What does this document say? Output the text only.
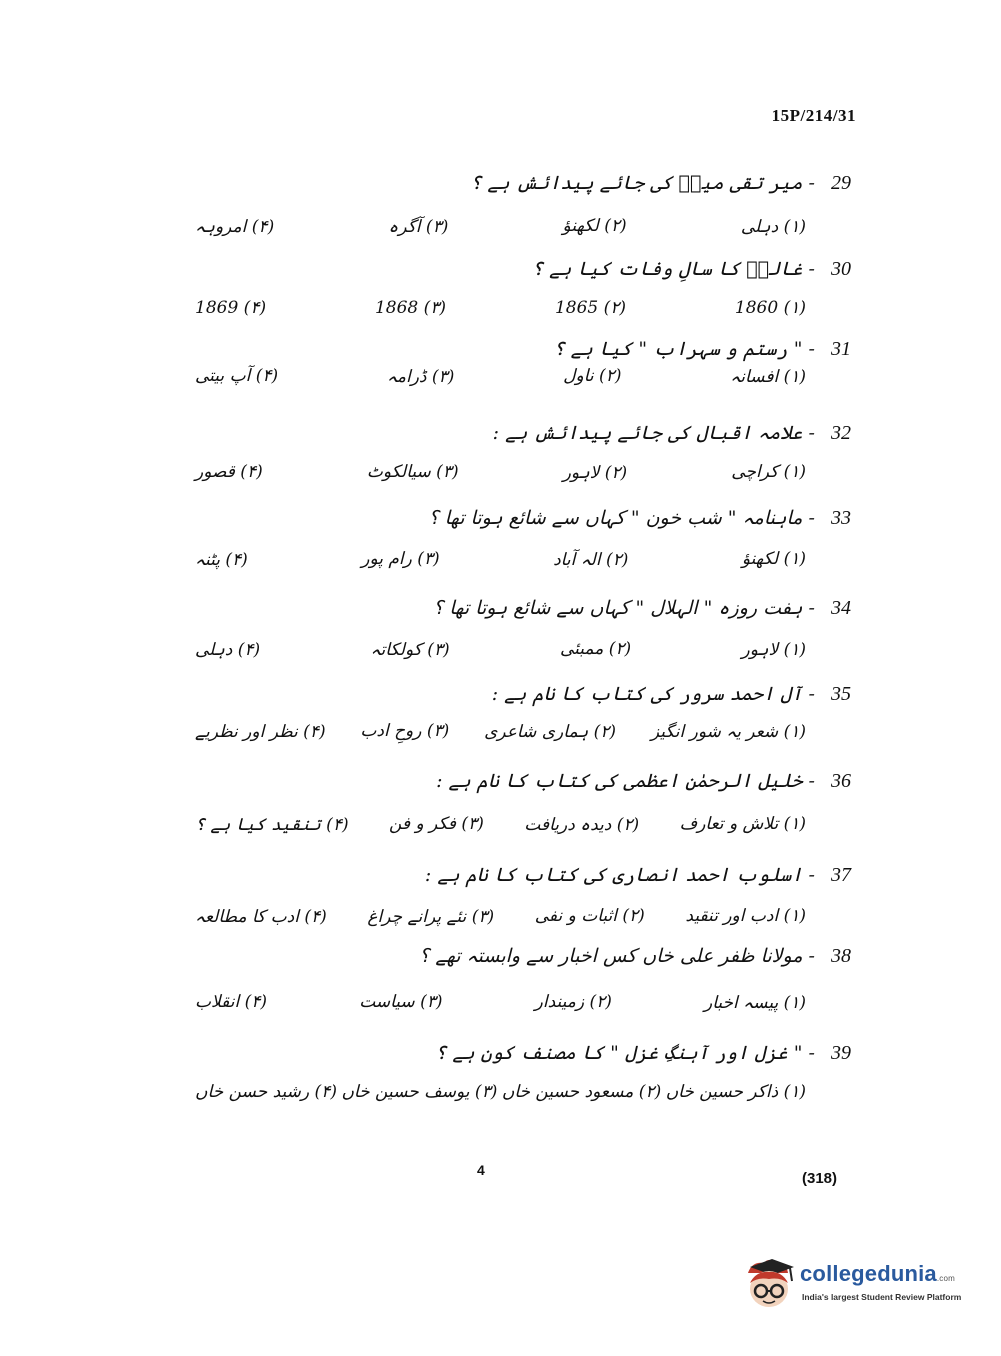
15P/214/31
29 - میر تقی میرؔ کی جائے پیدائش ہے ؟
(۱) دہلی
(۲) لکھنؤ
(۳) آگرہ
(۴) امروہہ
30 - غالبؔ کا سالِ وفات کیا ہے ؟
(۱) 1860
(۲) 1865
(۳) 1868
(۴) 1869
31 - " رستم و سہراب " کیا ہے ؟
(۱) افسانہ
(۲) ناول
(۳) ڈرامہ
(۴) آپ بیتی
32 - علامہ اقبال کی جائے پیدائش ہے :
(۱) کراچی
(۲) لاہور
(۳) سیالکوٹ
(۴) قصور
33 - ماہنامہ " شب خون " کہاں سے شائع ہوتا تھا ؟
(۱) لکھنؤ
(۲) الہ آباد
(۳) رام پور
(۴) پٹنہ
34 - ہفت روزہ " الہلال " کہاں سے شائع ہوتا تھا ؟
(۱) لاہور
(۲) ممبئی
(۳) کولکاتہ
(۴) دہلی
35 - آل احمد سرور کی کتاب کا نام ہے :
(۱) شعر یہ شور انگیز
(۲) ہماری شاعری
(۳) روحِ ادب
(۴) نظر اور نظریے
36 - خلیل الرحمٰن اعظمی کی کتاب کا نام ہے :
(۱) تلاش و تعارف
(۲) دیدہ دریافت
(۳) فکر و فن
(۴) تنقید کیا ہے ؟
37 - اسلوب احمد انصاری کی کتاب کا نام ہے :
(۱) ادب اور تنقید
(۲) اثبات و نفی
(۳) نئے پرانے چراغ
(۴) ادب کا مطالعہ
38 - مولانا ظفر علی خاں کس اخبار سے وابستہ تھے ؟
(۱) پیسہ اخبار
(۲) زمیندار
(۳) سیاست
(۴) انقلاب
39 - " غزل اور آہنگِ غزل " کا مصنف کون ہے ؟
(۱) ذاکر حسین خاں
(۲) مسعود حسین خاں
(۳) یوسف حسین خاں
(۴) رشید حسن خاں
4	(318)
collegedunia.com
India's largest Student Review Platform
